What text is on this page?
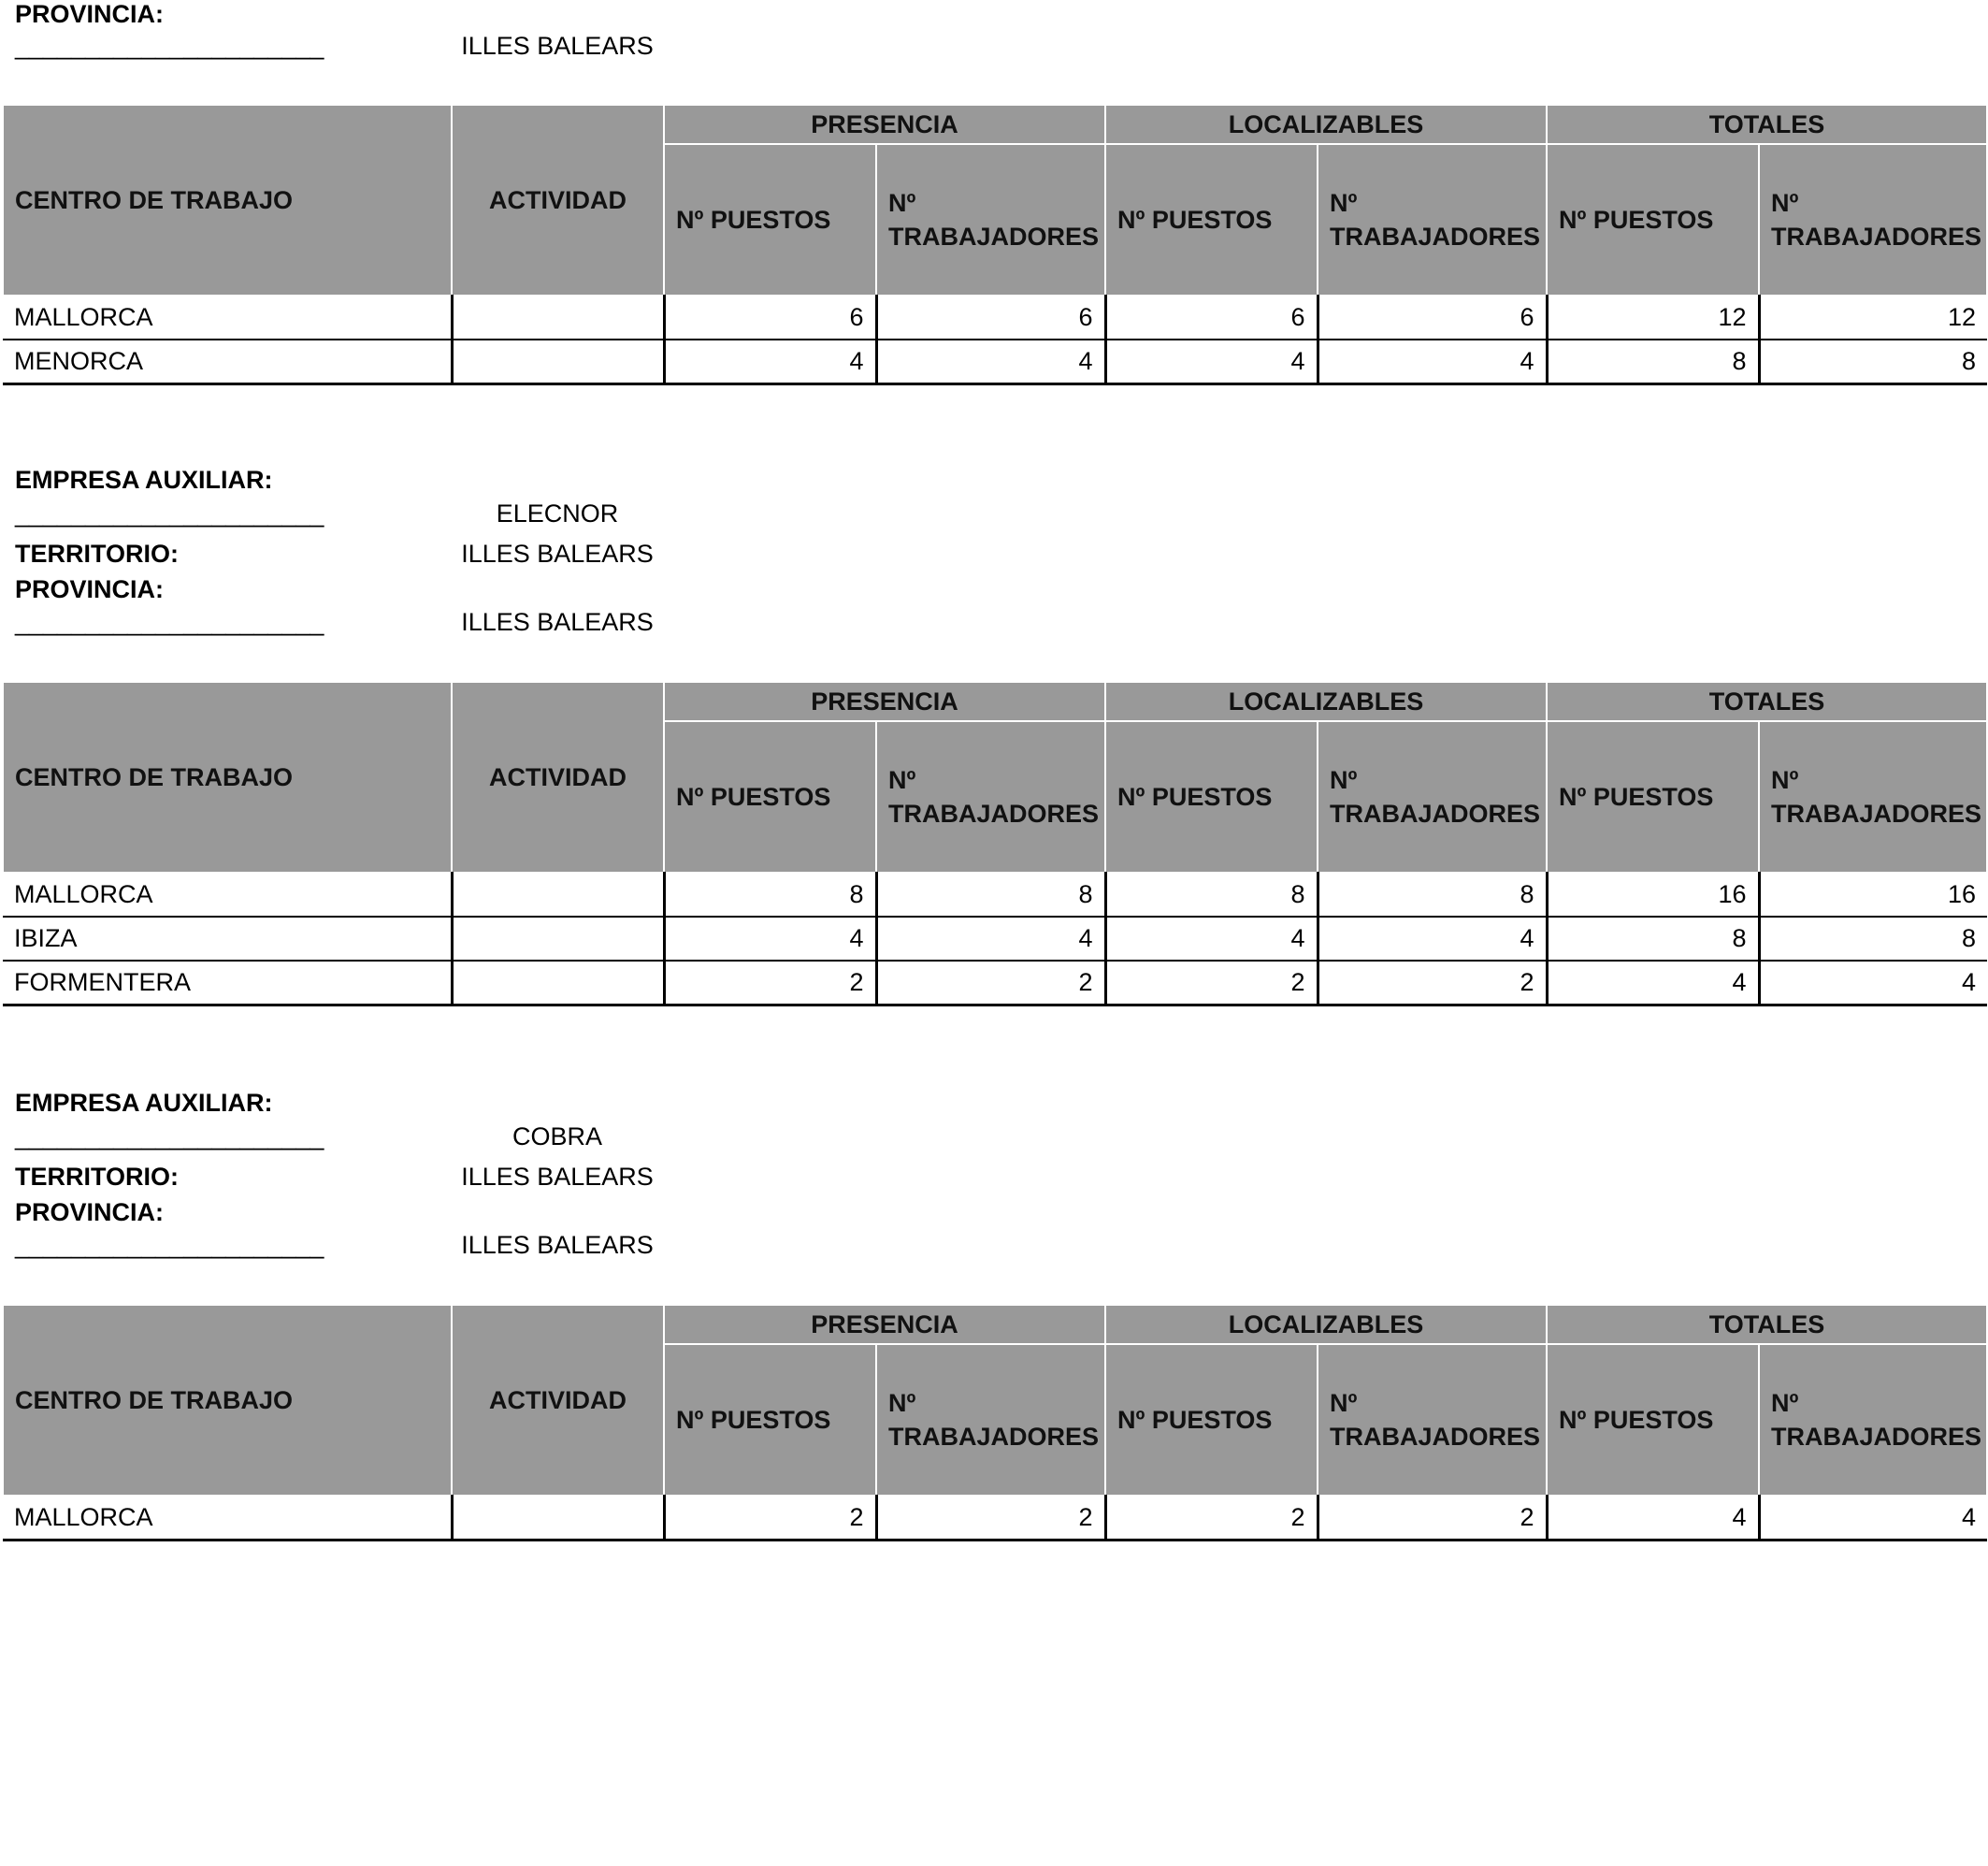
PROVINCIA:
______________________	ILLES BALEARS
CENTRO DE TRABAJO	ACTIVIDAD	PRESENCIA		LOCALIZABLES		TOTALES	
		Nº PUESTOS	Nº TRABAJADORES	Nº PUESTOS	Nº TRABAJADORES	Nº PUESTOS	Nº TRABAJADORES
MALLORCA		6	6	6	6	12	12
MENORCA		4	4	4	4	8	8
EMPRESA AUXILIAR:
______________________	ELECNOR
TERRITORIO:	ILLES BALEARS
PROVINCIA:
______________________	ILLES BALEARS
CENTRO DE TRABAJO	ACTIVIDAD	PRESENCIA		LOCALIZABLES		TOTALES	
		Nº PUESTOS	Nº TRABAJADORES	Nº PUESTOS	Nº TRABAJADORES	Nº PUESTOS	Nº TRABAJADORES
MALLORCA		8	8	8	8	16	16
IBIZA		4	4	4	4	8	8
FORMENTERA		2	2	2	2	4	4
EMPRESA AUXILIAR:
______________________	COBRA
TERRITORIO:	ILLES BALEARS
PROVINCIA:
______________________	ILLES BALEARS
CENTRO DE TRABAJO	ACTIVIDAD	PRESENCIA		LOCALIZABLES		TOTALES	
		Nº PUESTOS	Nº TRABAJADORES	Nº PUESTOS	Nº TRABAJADORES	Nº PUESTOS	Nº TRABAJADORES
MALLORCA		2	2	2	2	4	4
